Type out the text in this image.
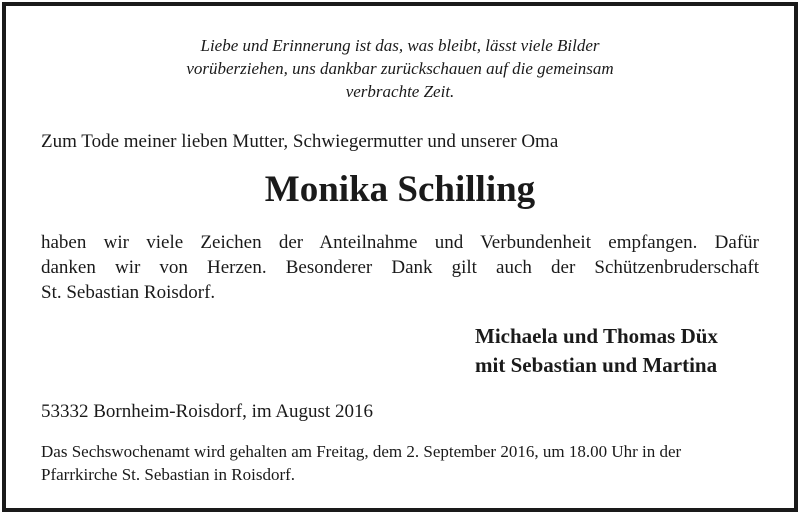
Liebe und Erinnerung ist das, was bleibt, lässt viele Bilder
vorüberziehen, uns dankbar zurückschauen auf die gemeinsam
verbrachte Zeit.
Zum Tode meiner lieben Mutter, Schwiegermutter und unserer Oma
Monika Schilling
haben wir viele Zeichen der Anteilnahme und Verbundenheit empfangen. Dafür
danken wir von Herzen. Besonderer Dank gilt auch der Schützenbruderschaft
St. Sebastian Roisdorf.
Michaela und Thomas Düx
mit Sebastian und Martina
53332 Bornheim-Roisdorf, im August 2016
Das Sechswochenamt wird gehalten am Freitag, dem 2. September 2016, um 18.00 Uhr in der
Pfarrkirche St. Sebastian in Roisdorf.
